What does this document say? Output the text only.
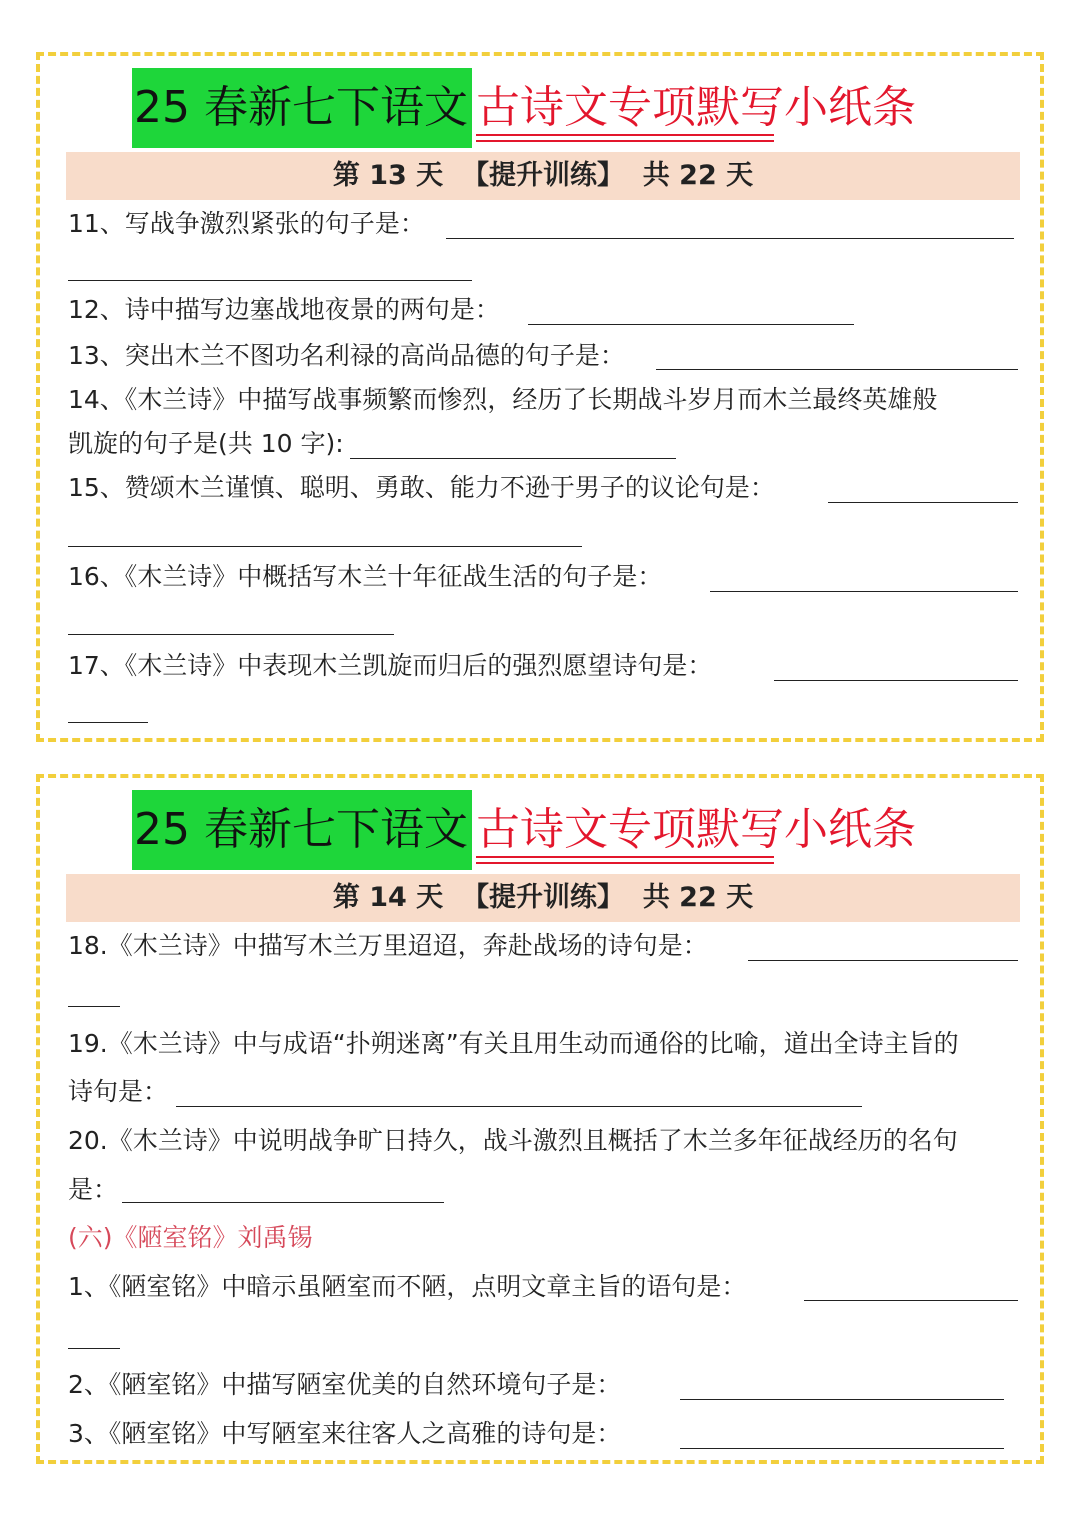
25 春新七下语文 古诗文专项默写小纸条
第 13 天  【提升训练】  共 22 天
11、写战争激烈紧张的句子是：
12、诗中描写边塞战地夜景的两句是：
13、突出木兰不图功名利禄的高尚品德的句子是：
14、《木兰诗》中描写战事频繁而惨烈，经历了长期战斗岁月而木兰最终英雄般
凯旋的句子是(共 10 字):
15、赞颂木兰谨慎、聪明、勇敢、能力不逊于男子的议论句是：
16、《木兰诗》中概括写木兰十年征战生活的句子是：
17、《木兰诗》中表现木兰凯旋而归后的强烈愿望诗句是：
25 春新七下语文 古诗文专项默写小纸条
第 14 天  【提升训练】  共 22 天
18.《木兰诗》中描写木兰万里迢迢，奔赴战场的诗句是：
19.《木兰诗》中与成语“扑朔迷离”有关且用生动而通俗的比喻，道出全诗主旨的
诗句是：
20.《木兰诗》中说明战争旷日持久，战斗激烈且概括了木兰多年征战经历的名句
是：
(六)《陋室铭》刘禹锡
1、《陋室铭》中暗示虽陋室而不陋，点明文章主旨的语句是：
2、《陋室铭》中描写陋室优美的自然环境句子是：
3、《陋室铭》中写陋室来往客人之高雅的诗句是：
